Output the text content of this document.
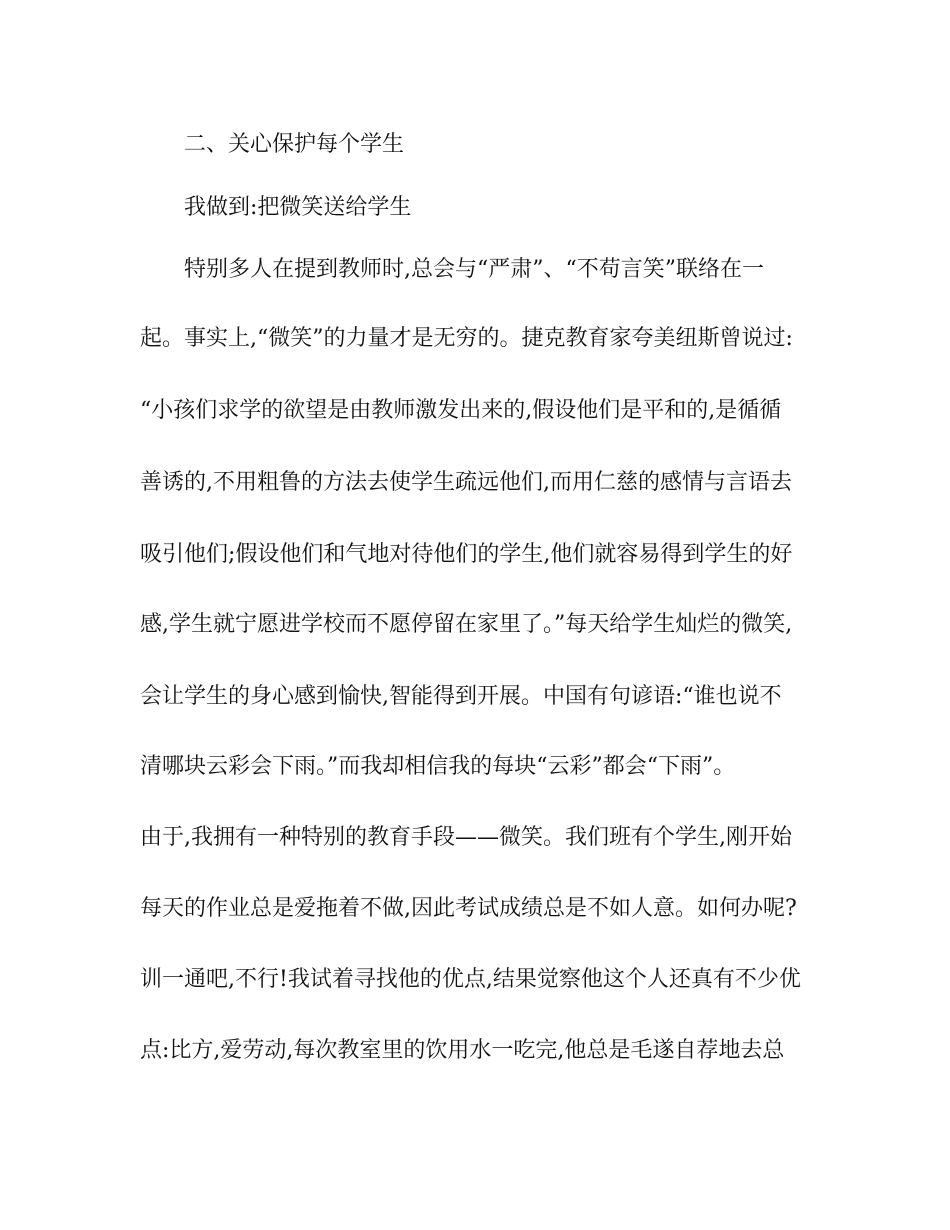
二、关心保护每个学生
我做到:把微笑送给学生
特别多人在提到教师时,总会与“严肃”、“不苟言笑”联络在一
起。事实上,“微笑”的力量才是无穷的。捷克教育家夸美纽斯曾说过:
“小孩们求学的欲望是由教师激发出来的,假设他们是平和的,是循循
善诱的,不用粗鲁的方法去使学生疏远他们,而用仁慈的感情与言语去
吸引他们;假设他们和气地对待他们的学生,他们就容易得到学生的好
感,学生就宁愿进学校而不愿停留在家里了。”每天给学生灿烂的微笑,
会让学生的身心感到愉快,智能得到开展。中国有句谚语:“谁也说不
清哪块云彩会下雨。”而我却相信我的每块“云彩”都会“下雨”。
由于,我拥有一种特别的教育手段——微笑。我们班有个学生,刚开始
每天的作业总是爱拖着不做,因此考试成绩总是不如人意。如何办呢?
训一通吧,不行!我试着寻找他的优点,结果觉察他这个人还真有不少优
点:比方,爱劳动,每次教室里的饮用水一吃完,他总是毛遂自荐地去总
